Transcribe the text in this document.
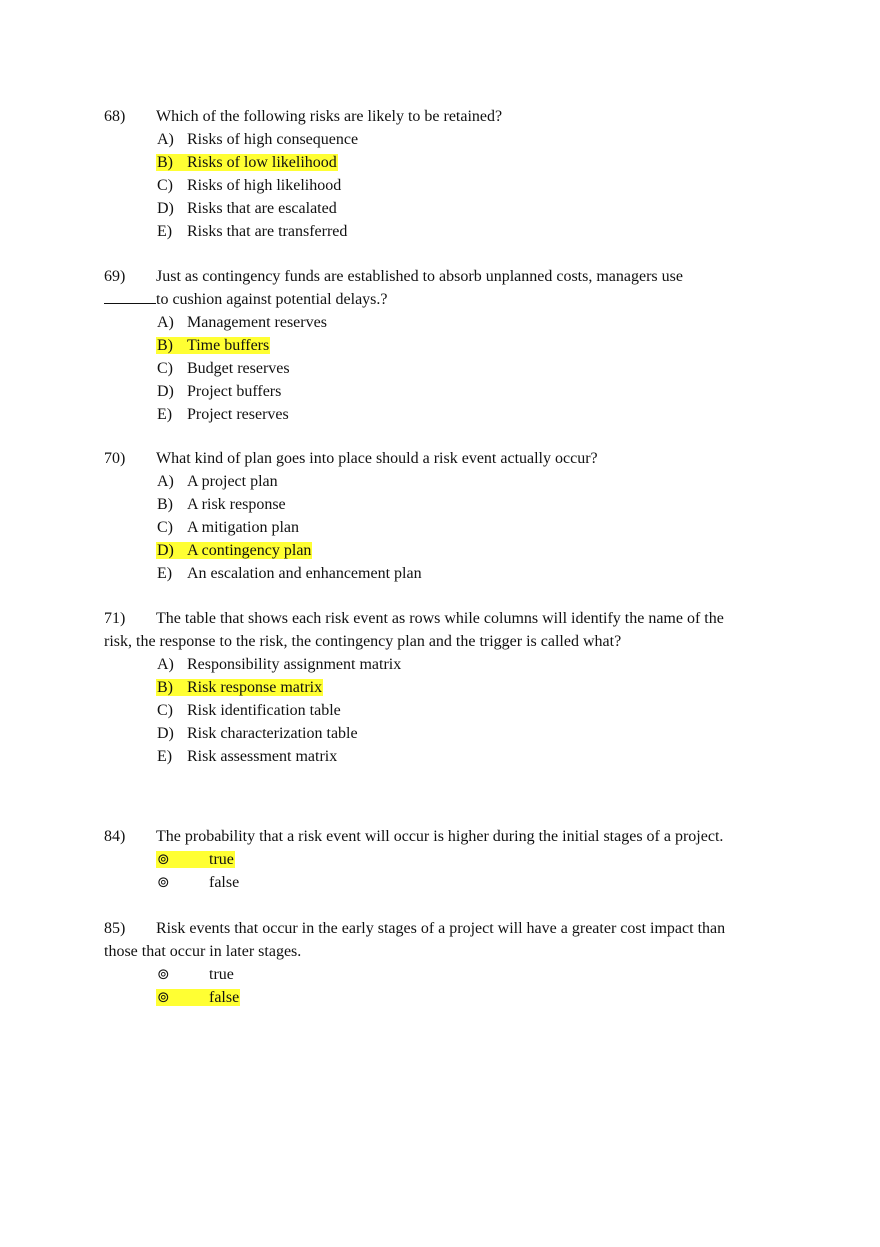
68) Which of the following risks are likely to be retained?

A) Risks of high consequence
B) Risks of low likelihood
C) Risks of high likelihood
D) Risks that are escalated
E) Risks that are transferred

69) Just as contingency funds are established to absorb unplanned costs, managers use

to cushion against potential delays.?

A) Management reserves
B) Time buffers
C) Budget reserves
D) Project buffers
E) Project reserves

70) What kind of plan goes into place should a risk event actually occur?

A) A project plan
B) A risk response
C) A mitigation plan
D) A contingency plan
E) An escalation and enhancement plan

71) The table that shows each risk event as rows while columns will identify the name of the

risk, the response to the risk, the contingency plan and the trigger is called what?

A) Responsibility assignment matrix
B) Risk response matrix
C) Risk identification table
D) Risk characterization table
E) Risk assessment matrix

84) The probability that a risk event will occur is higher during the initial stages of a project.

⊚ true
⊚ false

85) Risk events that occur in the early stages of a project will have a greater cost impact than

those that occur in later stages.

⊚ true
⊚ false
